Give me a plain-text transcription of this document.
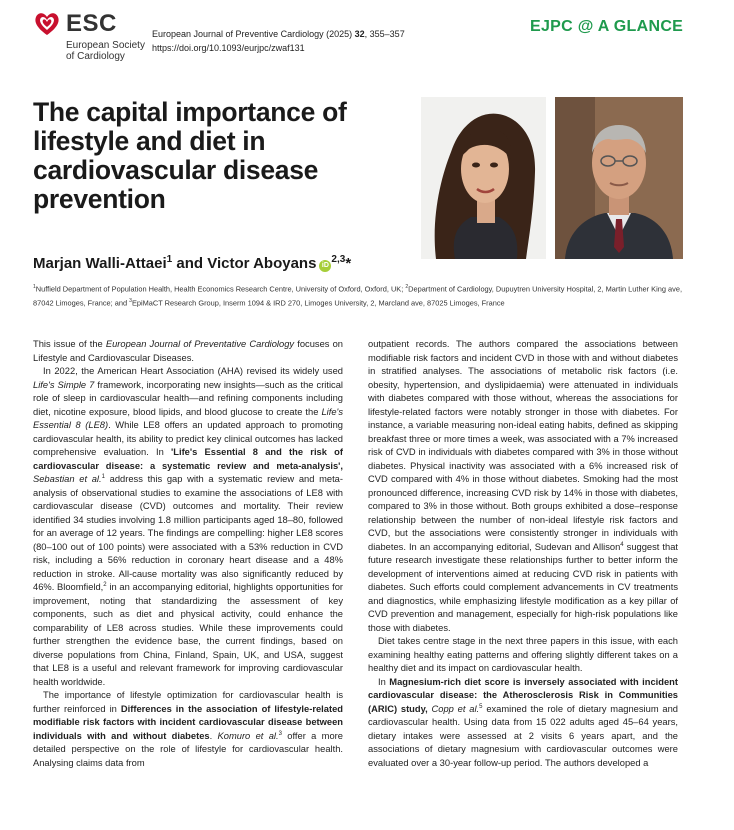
ESC
European Society
of Cardiology
European Journal of Preventive Cardiology (2025) 32, 355–357
https://doi.org/10.1093/eurjpc/zwaf131
EJPC @ A GLANCE
The capital importance of lifestyle and diet in cardiovascular disease prevention
Marjan Walli-Attaei$^1$ and Victor Aboyans iD$^{2,3}$*
$^1$Nuffield Department of Population Health, Health Economics Research Centre, University of Oxford, Oxford, UK; $^2$Department of Cardiology, Dupuytren University Hospital, 2, Martin Luther King ave, 87042 Limoges, France; and $^3$EpiMaCT Research Group, Inserm 1094 & IRD 270, Limoges University, 2, Marcland ave, 87025 Limoges, France

This issue of the European Journal of Preventative Cardiology focuses on Lifestyle and Cardiovascular Diseases.

In 2022, the American Heart Association (AHA) revised its widely used Life's Simple 7 framework, incorporating new insights—such as the critical role of sleep in cardiovascular health—and refining components including diet, nicotine exposure, blood lipids, and blood glucose to create the Life's Essential 8 (LE8). While LE8 offers an updated approach to promoting cardiovascular health, its ability to predict key clinical outcomes has lacked comprehensive evaluation. In 'Life's Essential 8 and the risk of cardiovascular disease: a systematic review and meta-analysis', Sebastian et al.$^1$ address this gap with a systematic review and meta-analysis of observational studies to examine the associations of LE8 with cardiovascular disease (CVD) outcomes and mortality. Their review identified 34 studies involving 1.8 million participants aged 18–80, followed for an average of 12 years. The findings are compelling: higher LE8 scores (80–100 out of 100 points) were associated with a 53% reduction in CVD risk, including a 56% reduction in coronary heart disease and a 48% reduction in stroke. All-cause mortality was also significantly reduced by 46%. Bloomfield,$^2$ in an accompanying editorial, highlights opportunities for improvement, noting that standardizing the assessment of key components, such as diet and physical activity, could enhance the comparability of LE8 across studies. While these improvements could further strengthen the evidence base, the current findings, based on diverse populations from China, Finland, Spain, UK, and USA, suggest that LE8 is a useful and relevant framework for improving cardiovascular health worldwide.

The importance of lifestyle optimization for cardiovascular health is further reinforced in Differences in the association of lifestyle-related modifiable risk factors with incident cardiovascular disease between individuals with and without diabetes. Komuro et al.$^3$ offer a more detailed perspective on the role of lifestyle for cardiovascular health. Analysing claims data from

outpatient records. The authors compared the associations between modifiable risk factors and incident CVD in those with and without diabetes in stratified analyses. The associations of metabolic risk factors (i.e. obesity, hypertension, and dyslipidaemia) were attenuated in individuals with diabetes compared with those without, whereas the associations for lifestyle-related factors were notably stronger in those with diabetes. For instance, a variable measuring non-ideal eating habits, defined as skipping breakfast three or more times a week, was associated with a 7% increased risk of CVD in individuals with diabetes compared with 3% in those without diabetes. Physical inactivity was associated with a 6% increased risk of CVD compared with 4% in those without diabetes. Smoking had the most pronounced difference, increasing CVD risk by 14% in those with diabetes, compared to 3% in those without. Both groups exhibited a dose–response relationship between the number of non-ideal lifestyle risk factors and CVD, but the associations were consistently stronger in individuals with diabetes. In an accompanying editorial, Sudevan and Allison$^4$ suggest that future research investigate these relationships further to better inform the development of interventions aimed at reducing CVD risk in patients with diabetes. Such efforts could complement advancements in CV treatments and diagnostics, while emphasizing lifestyle modification as a key pillar of CVD prevention and management, especially for high-risk populations like those with diabetes.

Diet takes centre stage in the next three papers in this issue, with each examining healthy eating patterns and offering slightly different takes on a healthy diet and its impact on cardiovascular health.

In Magnesium-rich diet score is inversely associated with incident cardiovascular disease: the Atherosclerosis Risk in Communities (ARIC) study, Copp et al.$^5$ examined the role of dietary magnesium and cardiovascular health. Using data from 15 022 adults aged 45–64 years, dietary intakes were assessed at 2 visits 6 years apart, and the associations of dietary magnesium with cardiovascular outcomes were evaluated over a 30-year follow-up period. The authors developed a
